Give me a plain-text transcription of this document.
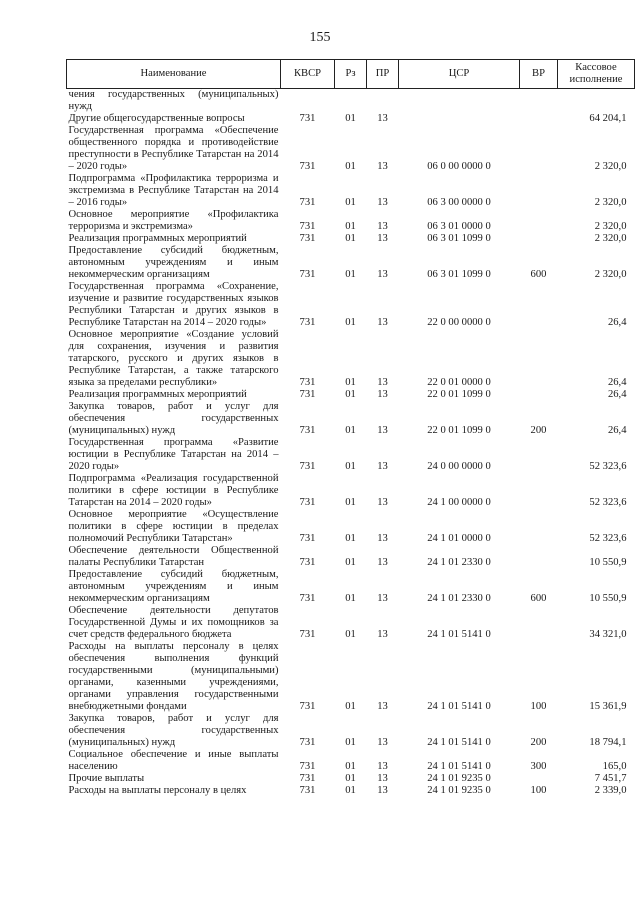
155
Наименование	КВСР	Рз	ПР	ЦСР	ВР	Кассовое исполнение
чения государственных (муниципальных) нужд						
Другие общегосударственные вопросы	731	01	13			64 204,1
Государственная программа «Обеспечение общественного порядка и противодействие преступности в Республике Татарстан на 2014 – 2020 годы»	731	01	13	06 0 00 0000 0		2 320,0
Подпрограмма «Профилактика терроризма и экстремизма в Республике Татарстан на 2014 – 2016 годы»	731	01	13	06 3 00 0000 0		2 320,0
Основное мероприятие «Профилактика терроризма и экстремизма»	731	01	13	06 3 01 0000 0		2 320,0
Реализация программных мероприятий	731	01	13	06 3 01 1099 0		2 320,0
Предоставление субсидий бюджетным, автономным учреждениям и иным некоммерческим организациям	731	01	13	06 3 01 1099 0	600	2 320,0
Государственная программа «Сохранение, изучение и развитие государственных языков Республики Татарстан и других языков в Республике Татарстан на 2014 – 2020 годы»	731	01	13	22 0 00 0000 0		26,4
Основное мероприятие «Создание условий для сохранения, изучения и развития татарского, русского и других языков в Республике Татарстан, а также татарского языка за пределами республики»	731	01	13	22 0 01 0000 0		26,4
Реализация программных мероприятий	731	01	13	22 0 01 1099 0		26,4
Закупка товаров, работ и услуг для обеспечения государственных (муниципальных) нужд	731	01	13	22 0 01 1099 0	200	26,4
Государственная программа «Развитие юстиции в Республике Татарстан на 2014 – 2020 годы»	731	01	13	24 0 00 0000 0		52 323,6
Подпрограмма «Реализация государственной политики в сфере юстиции в Республике Татарстан на 2014 – 2020 годы»	731	01	13	24 1 00 0000 0		52 323,6
Основное мероприятие «Осуществление политики в сфере юстиции в пределах полномочий Республики Татарстан»	731	01	13	24 1 01 0000 0		52 323,6
Обеспечение деятельности Общественной палаты Республики Татарстан	731	01	13	24 1 01 2330 0		10 550,9
Предоставление субсидий бюджетным, автономным учреждениям и иным некоммерческим организациям	731	01	13	24 1 01 2330 0	600	10 550,9
Обеспечение деятельности депутатов Государственной Думы и их помощников за счет средств федерального бюджета	731	01	13	24 1 01 5141 0		34 321,0
Расходы на выплаты персоналу в целях обеспечения выполнения функций государственными (муниципальными) органами, казенными учреждениями, органами управления государственными внебюджетными фондами	731	01	13	24 1 01 5141 0	100	15 361,9
Закупка товаров, работ и услуг для обеспечения государственных (муниципальных) нужд	731	01	13	24 1 01 5141 0	200	18 794,1
Социальное обеспечение и иные выплаты населению	731	01	13	24 1 01 5141 0	300	165,0
Прочие выплаты	731	01	13	24 1 01 9235 0		7 451,7
Расходы на выплаты персоналу в целях	731	01	13	24 1 01 9235 0	100	2 339,0
